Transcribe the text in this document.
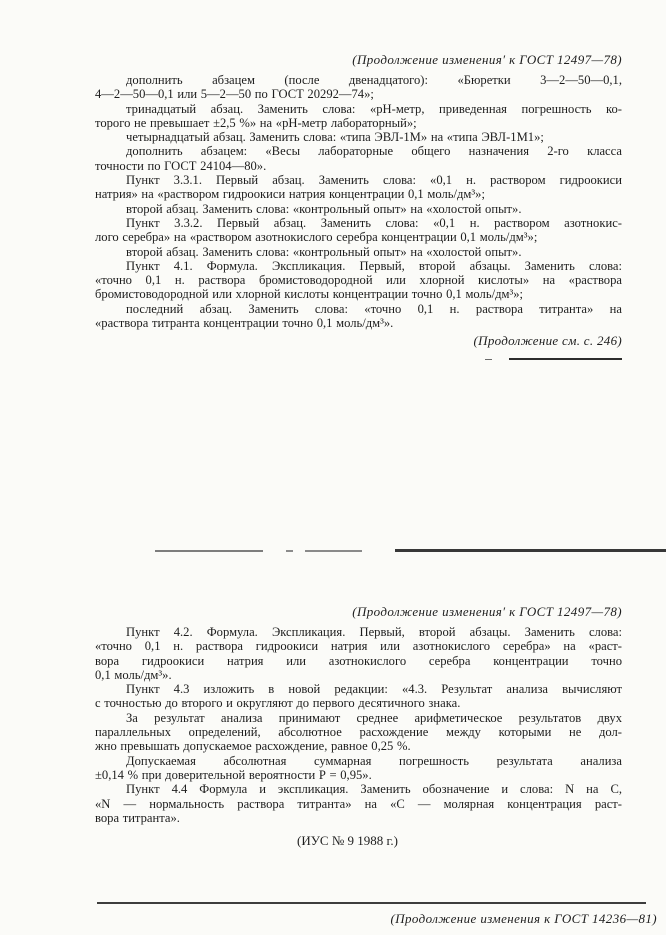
(Продолжение изменения′ к ГОСТ 12497—78)
дополнить абзацем (после двенадцатого): «Бюретки 3—2—50—0,1,
4—2—50—0,1 или 5—2—50 по ГОСТ 20292—74»;
тринадцатый абзац. Заменить слова: «рН-метр, приведенная погрешность ко-
торого не превышает ±2,5 %» на «рН-метр лабораторный»;
четырнадцатый абзац. Заменить слова: «типа ЭВЛ-1М» на «типа ЭВЛ-1М1»;
дополнить абзацем: «Весы лабораторные общего назначения 2-го класса
точности по ГОСТ 24104—80».
Пункт 3.3.1. Первый абзац. Заменить слова: «0,1 н. раствором гидроокиси
натрия» на «раствором гидроокиси натрия концентрации 0,1 моль/дм³»;
второй абзац. Заменить слова: «контрольный опыт» на «холостой опыт».
Пункт 3.3.2. Первый абзац. Заменить слова: «0,1 н. раствором азотнокис-
лого серебра» на «раствором азотнокислого серебра концентрации 0,1 моль/дм³»;
второй абзац. Заменить слова: «контрольный опыт» на «холостой опыт».
Пункт 4.1. Формула. Экспликация. Первый, второй абзацы. Заменить слова:
«точно 0,1 н. раствора бромистоводородной или хлорной кислоты» на «раствора
бромистоводородной или хлорной кислоты концентрации точно 0,1 моль/дм³»;
последний абзац. Заменить слова: «точно 0,1 н. раствора титранта» на
«раствора титранта концентрации точно 0,1 моль/дм³».
(Продолжение см. с. 246)
(Продолжение изменения′ к ГОСТ 12497—78)
Пункт 4.2. Формула. Экспликация. Первый, второй абзацы. Заменить слова:
«точно 0,1 н. раствора гидроокиси натрия или азотнокислого серебра» на «раст-
вора гидроокиси натрия или азотнокислого серебра концентрации точно
0,1 моль/дм³».
Пункт 4.3 изложить в новой редакции: «4.3. Результат анализа вычисляют
с точностью до второго и округляют до первого десятичного знака.
За результат анализа принимают среднее арифметическое результатов двух
параллельных определений, абсолютное расхождение между которыми не дол-
жно превышать допускаемое расхождение, равное 0,25 %.
Допускаемая абсолютная суммарная погрешность результата анализа
±0,14 % при доверительной вероятности Р = 0,95».
Пункт 4.4 Формула и экспликация. Заменить обозначение и слова: N на С,
«N — нормальность раствора титранта» на «С — молярная концентрация раст-
вора титранта».
(ИУС № 9 1988 г.)
(Продолжение изменения к ГОСТ 14236—81)
